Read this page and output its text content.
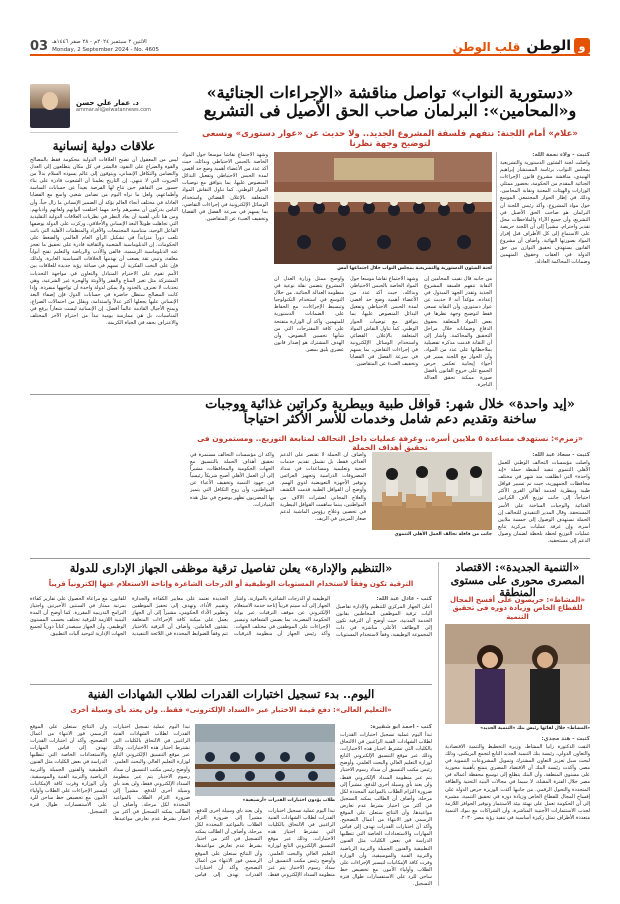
و
الوطن
قلب الوطن
03 الاثنين ٢ سبتمبر ٢٠٢٤م - ٢٨ صفر ١٤٤٦هـ
Monday, 2 September 2024 - No. 4605
«دستورية النواب» تواصل مناقشة «الإجراءات الجنائية» و«المحامين»: البرلمان صاحب الحق الأصيل فى التشريع
«علام» أمام اللجنة: نتفهم فلسفة المشروع الجديد.. ولا حديث عن «عوار دستورى» ونسعى لتوضيح وجهة نظرنا
كتبت - ولاء نعمة الله:
واصلت لجنة الشئون الدستورية والتشريعية بمجلس النواب، برئاسة المستشار إبراهيم الهنيدي، مناقشة مشروع قانون الإجراءات الجنائية المقدم من الحكومة، بحضور ممثلي الوزارات والهيئات المعنية ونقابة المحامين، وذلك في إطار الحوار المجتمعي الموسع حول مواد المشروع. وأكد رئيس اللجنة أن البرلمان هو صاحب الحق الأصيل في التشريع، وأن جميع الآراء والملاحظات محل تقدير واحترام، مشيراً إلى أن اللجنة حريصة على الاستماع إلى كل الأطراف قبل إقرار المواد بصورتها النهائية. وأضاف أن مشروع القانون يستهدف تحقيق التوازن بين حق الدولة في العقاب وحقوق المتهمين وضمانات المحاكمة العادلة.
لجنة الشئون الدستورية والتشريعية بمجلس النواب خلال اجتماعها أمس
من جانبه قال نقيب المحامين إن النقابة تتفهم فلسفة المشروع الجديد وتقدر الجهد المبذول في إعداده، مؤكداً أنه لا حديث عن عوار دستوري، وأن النقابة تسعى فقط لتوضيح وجهة نظرها في بعض المواد المتعلقة بحقوق الدفاع وضماناته خلال مراحل التحقيق والمحاكمة. وأشار إلى أن النقابة قدمت مذكرة تفصيلية بملاحظاتها على عدد من المواد، وأن الحوار مع اللجنة يسير في أجواء إيجابية تعكس حرص الجميع على خروج القانون بأفضل صورة ممكنة تحقق العدالة الناجزة.
وشهد الاجتماع نقاشاً موسعاً حول المواد الخاصة بالحبس الاحتياطي وبدائله، حيث أكد عدد من الأعضاء أهمية وضع حد أقصى لمدة الحبس الاحتياطي وتفعيل البدائل المنصوص عليها، بما يتوافق مع توصيات الحوار الوطني. كما تناول النقاش المواد المتعلقة بالإعلان القضائي واستخدام الوسائل الإلكترونية في إجراءات التقاضي، بما يسهم في سرعة الفصل في القضايا وتخفيف العبء عن المتقاضين.
وأوضح ممثل وزارة العدل أن المشروع يتضمن نقلة نوعية في منظومة العدالة الجنائية، من خلال التوسع في استخدام التكنولوجيا وتبسيط الإجراءات، مع الحفاظ على الضمانات الدستورية للمتهمين. وأكد أن الوزارة منفتحة على كافة المقترحات التي من شأنها تحسين النصوص، وأن الهدف المشترك هو إصدار قانون عصري يليق بمصر.
وشهد الاجتماع نقاشاً موسعاً حول المواد الخاصة بالحبس الاحتياطي وبدائله، حيث أكد عدد من الأعضاء أهمية وضع حد أقصى لمدة الحبس الاحتياطي وتفعيل البدائل المنصوص عليها، بما يتوافق مع توصيات الحوار الوطني. كما تناول النقاش المواد المتعلقة بالإعلان القضائي واستخدام الوسائل الإلكترونية في إجراءات التقاضي، بما يسهم في سرعة الفصل في القضايا وتخفيف العبء عن المتقاضين.
د. عمار علي حسن
ammar.ali@elwatannews.com
علاقات دولية إنسانية
ليس من المعقول أن تصبح العلاقات الدولية محكومة فقط بالمصالح والقوة والصراع على النفوذ، فالبشر في كل مكان يتطلعون إلى العدل والتضامن والتكافل الإنساني، ويتوقون إلى عالم يسوده السلام بدلاً من الحروب التي لا تنتهي. إن التاريخ يعلمنا أن الشعوب قادرة على بناء جسور من التفاهم حين تتاح لها الفرصة بعيداً عن حسابات الساسة وأطماعهم. ولعل ما نراه اليوم من تضامن شعبي واسع مع القضايا العادلة في مختلف أنحاء العالم يؤكد أن الضمير الإنساني ما زال حياً، وأن الناس يدركون أن مصيرهم واحد مهما اختلفت ألوانهم ولغاتهم وأديانهم. ومن هنا تأتي أهمية أن يعاد النظر في نظريات العلاقات الدولية التقليدية التي تجاهلت طويلاً البعد الإنساني والأخلاقي، وركزت على الدولة بوصفها الفاعل الوحيد، متناسية المجتمعات والأفراد والمنظمات الأهلية التي باتت تلعب دوراً متزايداً في تشكيل الرأي العام العالمي والضغط على الحكومات. إن الدبلوماسية الشعبية والثقافية قادرة على تحقيق ما تعجز عنه الدبلوماسية الرسمية، فالفن والأدب والرياضة والتعليم تفتح أبواباً مغلقة، وتبني ثقة يصعب أن تهدمها الخلافات السياسية العابرة. ولذلك فإن على النخب الفكرية أن تسهم في صياغة رؤية جديدة للعلاقات بين الأمم تقوم على الاحترام المتبادل والتعاون في مواجهة التحديات المشتركة مثل تغير المناخ والفقر والأوبئة والهجرة غير الشرعية، وهي تحديات لا تعترف بالحدود ولا يمكن لدولة واحدة أن تواجهها منفردة. وإذا كانت المصالح ستظل حاضرة في حسابات الدول فإن إضفاء البعد الإنساني عليها يجعلها أكثر عدلاً واستدامة، ويقلل من احتمالات الصراع، ويمنح الأجيال القادمة عالماً أفضل. إن الإنسانية ليست شعاراً يرفع في المناسبات، بل هي ممارسة يومية تبدأ من احترام الآخر المختلف والاعتراف بحقه في الحياة الكريمة.
«إيد واحدة» خلال شهر: قوافل طبية وبيطرية وكراتين غذائية ووجبات ساخنة وتقديم دعم شامل وخدمات للأسر الأكثر احتياجاً
«زمزم»: نستهدف مساعدة ٥ ملايين أسرة.. وغرفة عمليات داخل التحالف لمتابعة التوزيع.. ومستمرون فى تحقيق أهداف الحملة
كتبت - سعاد عبد الله:
واصلت مؤسسات التحالف الوطني للعمل الأهلي التنموي تنفيذ أنشطة حملة «إيد واحدة» التي انطلقت منذ شهر في مختلف محافظات الجمهورية، حيث تم تسيير قوافل طبية وبيطرية لخدمة أهالي القرى الأكثر احتياجاً، إلى جانب توزيع آلاف الكراتين الغذائية والوجبات الساخنة على الأسر المستحقة. وقال المدير التنفيذي للتحالف إن الحملة تستهدف الوصول إلى خمسة ملايين أسرة، وإن غرفة عمليات مركزية تتابع عمليات التوزيع لحظة بلحظة لضمان وصول الدعم إلى مستحقيه.
جانب من قافلة تحالف العمل الأهلي التنموي
وأضاف أن الحملة لا تقتصر على الدعم الغذائي فقط، بل تشمل تقديم خدمات صحية وتعليمية ومساعدات في سداد المصروفات الدراسية وتجهيز العرائس وتوفير الأجهزة التعويضية لذوي الهمم. وأوضح أن القوافل الطبية قدمت الكشف والعلاج المجاني لعشرات الآلاف من المواطنين، بينما ساهمت القوافل البيطرية في تحصين وعلاج رؤوس الماشية لدعم صغار المربين في الريف.
وأكد أن مؤسسات التحالف مستمرة في تحقيق أهداف الحملة بالتنسيق مع الجهات الحكومية والمحافظات، مشيراً إلى أن العمل الأهلي أصبح شريكاً رئيسياً في جهود التنمية وتخفيف الأعباء عن المواطنين، وأن روح التكافل التي يتميز بها المصريون تظهر بوضوح في مثل هذه المبادرات.
«التنمية الجديدة»: الاقتصاد المصرى محورى على مستوى المنطقة
«المشاط»: حريصون على أفسح المجال للقطاع الخاص وزيادة دوره فى تحقيق التنمية
«المشاط» خلال لقائها رئيس بنك «التنمية الجديد»
كتبت - هند مجدي:
التقت الدكتورة رانيا المشاط، وزيرة التخطيط والتنمية الاقتصادية والتعاون الدولي، رئيسة بنك التنمية الجديد التابع لتجمع البريكس، وذلك لبحث سبل تعزيز التعاون المشترك وتمويل المشروعات التنموية في مصر. وأكدت رئيسة البنك أن الاقتصاد المصري يتمتع بأهمية محورية على مستوى المنطقة، وأن البنك يتطلع إلى توسيع محفظة أعماله في مصر خلال الفترة المقبلة، لا سيما في مجالات البنية التحتية والطاقة المتجددة والتحول الرقمي. من جانبها أكدت الوزيرة حرص الدولة على إفساح المجال للقطاع الخاص وزيادة دوره في تحقيق التنمية، مشيرة إلى أن الحكومة تعمل على تهيئة بيئة الاستثمار وتوفير الحوافز اللازمة لجذب الاستثمارات الأجنبية المباشرة، وأن الشراكات مع بنوك التنمية متعددة الأطراف تمثل ركيزة أساسية في تنفيذ رؤية مصر ٢٠٣٠.
«التنظيم والإدارة» يعلن تفاصيل ترقية موظفى الجهاز الإدارى للدولة
الترقية تكون وفقاً لاستخدام المستويات الوظيفية أو الدرجات الشاغرة وإتاحة الاستعلام عنها إلكترونياً قريباً
كتب - عادل عبد الله:
أعلن الجهاز المركزي للتنظيم والإدارة تفاصيل آليات ترقية الموظفين المخاطبين بقانون الخدمة المدنية، حيث أوضح أن الترقية تكون إلى الوظائف الأعلى مباشرة في ذات المجموعة الوظيفية، وفقاً لاستخدام المستويات الوظيفية أو الدرجات الشاغرة بالموازنة. وأشار الجهاز إلى أنه سيتم قريباً إتاحة خدمة الاستعلام الإلكتروني عن موقف الترقيات عبر بوابة الحكومة المصرية، بما يضمن الشفافية وتيسير الإجراءات على الموظفين في مختلف الجهات. وأكد رئيس الجهاز أن منظومة الترقيات الجديدة تعتمد على معايير الكفاءة والجدارة وتقييم الأداء، وتهدف إلى تحفيز الموظفين وتطوير الأداء الحكومي، مشيراً إلى أن الجهاز يعمل على ميكنة كافة الإجراءات المتعلقة بشئون العاملين. وأضاف أن الترقية بالاختيار تتم وفقاً للضوابط المحددة في اللائحة التنفيذية للقانون، مع مراعاة الحصول على تقارير كفاءة بمرتبة ممتاز في السنتين الأخيرتين واجتياز البرامج التدريبية المقررة. كما أوضح أن المدة البينية اللازمة للترقية تختلف بحسب المستوى الوظيفي، وأن الجهاز سيصدر كتاباً دورياً لجميع الجهات الإدارية لتوحيد آليات التطبيق.
اليوم.. بدء تسجيل اختبارات القدرات لطلاب الشهادات الفنية
«التعليم العالى»: دفع قيمة الاختبار عبر «السداد الإلكترونى» فقط.. ولن يعتد بأى وسيلة أخرى
طلاب يؤدون اختبارات القدرات «أرشيفية»
كتب - أحمد أبو شقيرة:
تبدأ اليوم عملية تسجيل اختبارات القدرات لطلاب الشهادات الفنية الراغبين في الالتحاق بالكليات التي تشترط اجتياز هذه الاختبارات، وذلك عبر موقع التنسيق الإلكتروني التابع لوزارة التعليم العالي والبحث العلمي. وأوضح رئيس مكتب التنسيق أن سداد رسوم الاختبار يتم عبر منظومة السداد الإلكتروني فقط، ولن يعتد بأي وسيلة أخرى للدفع، مشيراً إلى ضرورة التزام الطلاب بالمواعيد المحددة لكل مرحلة. وأضاف أن الطالب يمكنه التسجيل في أكثر من اختبار بشرط عدم تعارض مواعيدها، وأن النتائج ستعلن على الموقع الرسمي فور الانتهاء من أعمال التصحيح. وأكد أن اختبارات القدرات تهدف إلى قياس المهارات والاستعدادات الخاصة التي تتطلبها الدراسة في بعض الكليات مثل الفنون التطبيقية والفنون الجميلة والتربية الرياضية والتربية الفنية والموسيقية، وأن الوزارة وفرت كافة الإمكانيات لتيسير الإجراءات على الطلاب وأولياء الأمور، مع تخصيص خط ساخن للرد على الاستفسارات طوال فترة التسجيل.
تبدأ اليوم عملية تسجيل اختبارات القدرات لطلاب الشهادات الفنية الراغبين في الالتحاق بالكليات التي تشترط اجتياز هذه الاختبارات، وذلك عبر موقع التنسيق الإلكتروني التابع لوزارة التعليم العالي والبحث العلمي. وأوضح رئيس مكتب التنسيق أن سداد رسوم الاختبار يتم عبر منظومة السداد الإلكتروني فقط، ولن يعتد بأي وسيلة أخرى للدفع، مشيراً إلى ضرورة التزام الطلاب بالمواعيد المحددة لكل مرحلة. وأضاف أن الطالب يمكنه التسجيل في أكثر من اختبار بشرط عدم تعارض مواعيدها، وأن النتائج ستعلن على الموقع الرسمي فور الانتهاء من أعمال التصحيح. وأكد أن اختبارات القدرات تهدف إلى قياس
تبدأ اليوم عملية تسجيل اختبارات القدرات لطلاب الشهادات الفنية الراغبين في الالتحاق بالكليات التي تشترط اجتياز هذه الاختبارات، وذلك عبر موقع التنسيق الإلكتروني التابع لوزارة التعليم العالي والبحث العلمي. وأوضح رئيس مكتب التنسيق أن سداد رسوم الاختبار يتم عبر منظومة السداد الإلكتروني فقط، ولن يعتد بأي وسيلة أخرى للدفع، مشيراً إلى ضرورة التزام الطلاب بالمواعيد المحددة لكل مرحلة. وأضاف أن الطالب يمكنه التسجيل في أكثر من اختبار بشرط عدم تعارض مواعيدها، وأن النتائج ستعلن على الموقع الرسمي فور الانتهاء من أعمال التصحيح. وأكد أن اختبارات القدرات تهدف إلى قياس المهارات والاستعدادات الخاصة التي تتطلبها الدراسة في بعض الكليات مثل الفنون التطبيقية والفنون الجميلة والتربية الرياضية والتربية الفنية والموسيقية، وأن الوزارة وفرت كافة الإمكانيات لتيسير الإجراءات على الطلاب وأولياء الأمور، مع تخصيص خط ساخن للرد على الاستفسارات طوال فترة التسجيل.
